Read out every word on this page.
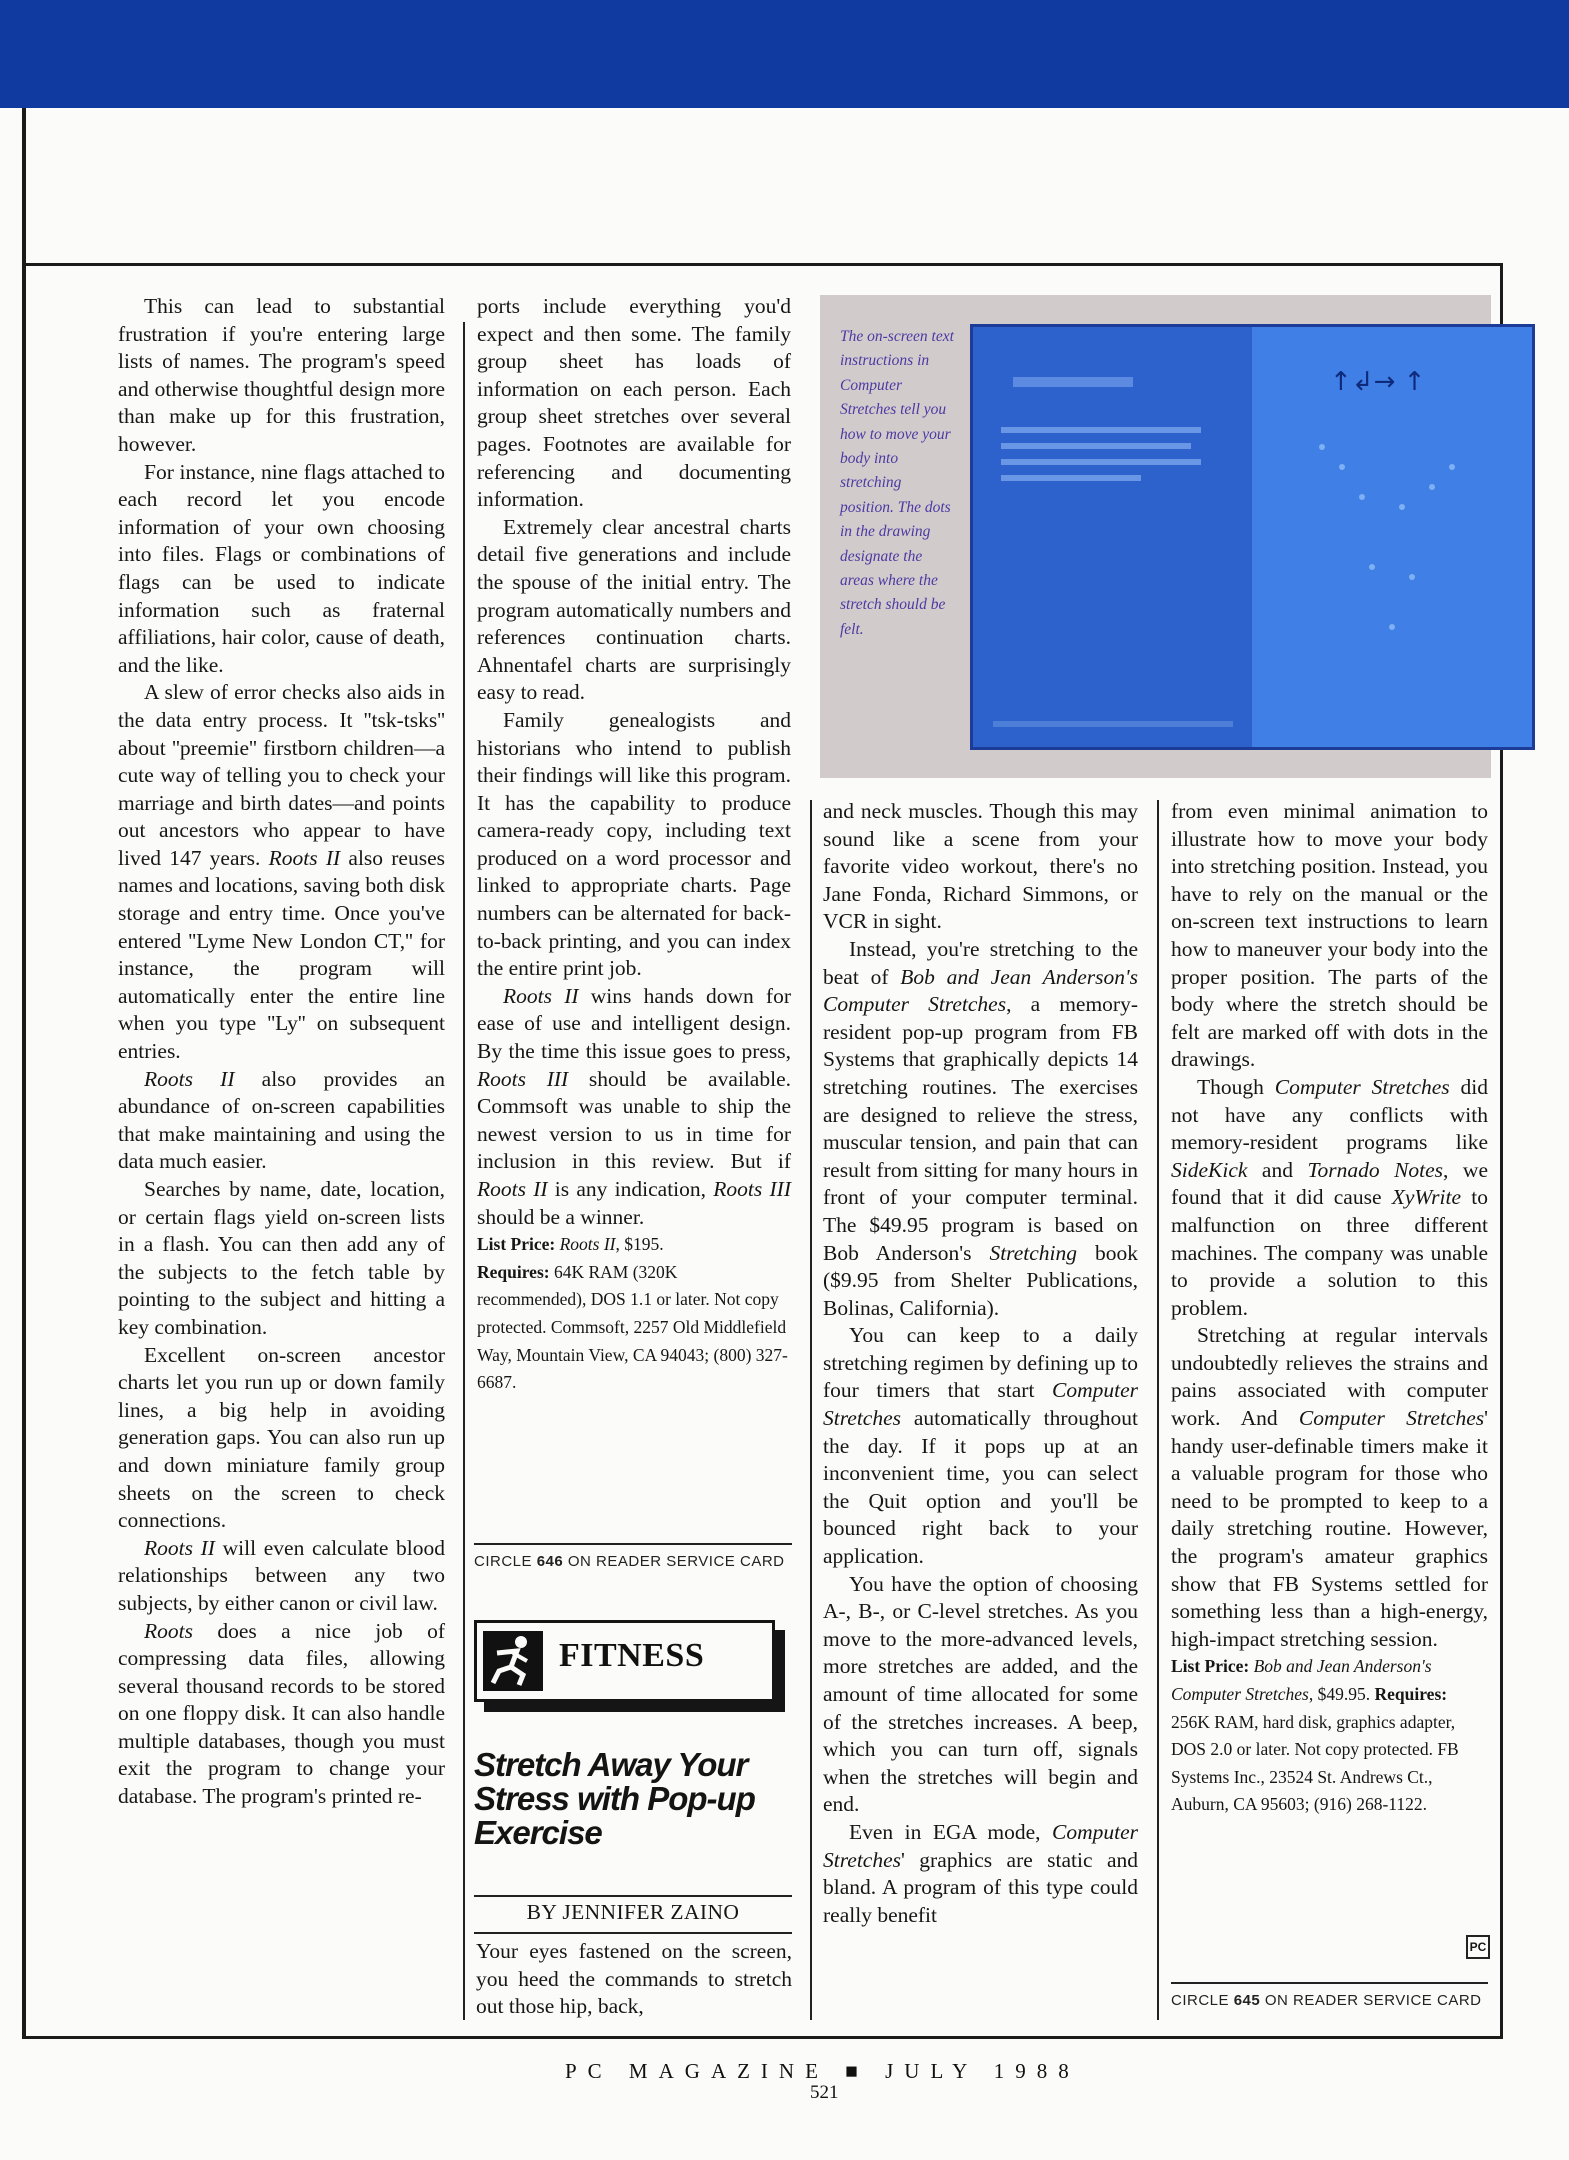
This can lead to substantial frustration if you're entering large lists of names. The program's speed and otherwise thoughtful design more than make up for this frustration, however.

For instance, nine flags attached to each record let you encode information of your own choosing into files. Flags or combinations of flags can be used to indicate information such as fraternal affiliations, hair color, cause of death, and the like.

A slew of error checks also aids in the data entry process. It ''tsk-tsks'' about ''preemie'' firstborn children—a cute way of telling you to check your marriage and birth dates—and points out ancestors who appear to have lived 147 years. Roots II also reuses names and locations, saving both disk storage and entry time. Once you've entered ''Lyme New London CT,'' for instance, the program will automatically enter the entire line when you type ''Ly'' on subsequent entries.

Roots II also provides an abundance of on-screen capabilities that make maintaining and using the data much easier.

Searches by name, date, location, or certain flags yield on-screen lists in a flash. You can then add any of the subjects to the fetch table by pointing to the subject and hitting a key combination.

Excellent on-screen ancestor charts let you run up or down family lines, a big help in avoiding generation gaps. You can also run up and down miniature family group sheets on the screen to check connections.

Roots II will even calculate blood relationships between any two subjects, by either canon or civil law.

Roots does a nice job of compressing data files, allowing several thousand records to be stored on one floppy disk. It can also handle multiple databases, though you must exit the program to change your database. The program's printed re-

ports include everything you'd expect and then some. The family group sheet has loads of information on each person. Each group sheet stretches over several pages. Footnotes are available for referencing and documenting information.

Extremely clear ancestral charts detail five generations and include the spouse of the initial entry. The program automatically numbers and references continuation charts. Ahnentafel charts are surprisingly easy to read.

Family genealogists and historians who intend to publish their findings will like this program. It has the capability to produce camera-ready copy, including text produced on a word processor and linked to appropriate charts. Page numbers can be alternated for back-to-back printing, and you can index the entire print job.

Roots II wins hands down for ease of use and intelligent design. By the time this issue goes to press, Roots III should be available. Commsoft was unable to ship the newest version to us in time for inclusion in this review. But if Roots II is any indication, Roots III should be a winner.

List Price: Roots II, $195.
Requires: 64K RAM (320K recommended), DOS 1.1 or later. Not copy protected. Commsoft, 2257 Old Middlefield Way, Mountain View, CA 94043; (800) 327-6687.
CIRCLE 646 ON READER SERVICE CARD
FITNESS
Stretch Away Your Stress with Pop-up Exercise
BY JENNIFER ZAINO

Your eyes fastened on the screen, you heed the commands to stretch out those hip, back,

The on-screen text instructions in Computer Stretches tell you how to move your body into stretching position. The dots in the drawing designate the areas where the stretch should be felt.
↑↲→ ↑

and neck muscles. Though this may sound like a scene from your favorite video workout, there's no Jane Fonda, Richard Simmons, or VCR in sight.

Instead, you're stretching to the beat of Bob and Jean Anderson's Computer Stretches, a memory-resident pop-up program from FB Systems that graphically depicts 14 stretching routines. The exercises are designed to relieve the stress, muscular tension, and pain that can result from sitting for many hours in front of your computer terminal. The $49.95 program is based on Bob Anderson's Stretching book ($9.95 from Shelter Publications, Bolinas, California).

You can keep to a daily stretching regimen by defining up to four timers that start Computer Stretches automatically throughout the day. If it pops up at an inconvenient time, you can select the Quit option and you'll be bounced right back to your application.

You have the option of choosing A-, B-, or C-level stretches. As you move to the more-advanced levels, more stretches are added, and the amount of time allocated for some of the stretches increases. A beep, which you can turn off, signals when the stretches will begin and end.

Even in EGA mode, Computer Stretches' graphics are static and bland. A program of this type could really benefit

from even minimal animation to illustrate how to move your body into stretching position. Instead, you have to rely on the manual or the on-screen text instructions to learn how to maneuver your body into the proper position. The parts of the body where the stretch should be felt are marked off with dots in the drawings.

Though Computer Stretches did not have any conflicts with memory-resident programs like SideKick and Tornado Notes, we found that it did cause XyWrite to malfunction on three different machines. The company was unable to provide a solution to this problem.

Stretching at regular intervals undoubtedly relieves the strains and pains associated with computer work. And Computer Stretches' handy user-definable timers make it a valuable program for those who need to be prompted to keep to a daily stretching routine. However, the program's amateur graphics show that FB Systems settled for something less than a high-energy, high-impact stretching session.

List Price: Bob and Jean Anderson's Computer Stretches, $49.95. Requires: 256K RAM, hard disk, graphics adapter, DOS 2.0 or later. Not copy protected. FB Systems Inc., 23524 St. Andrews Ct., Auburn, CA 95603; (916) 268-1122.
PC
CIRCLE 645 ON READER SERVICE CARD
PC MAGAZINE ■ JULY 1988
521
